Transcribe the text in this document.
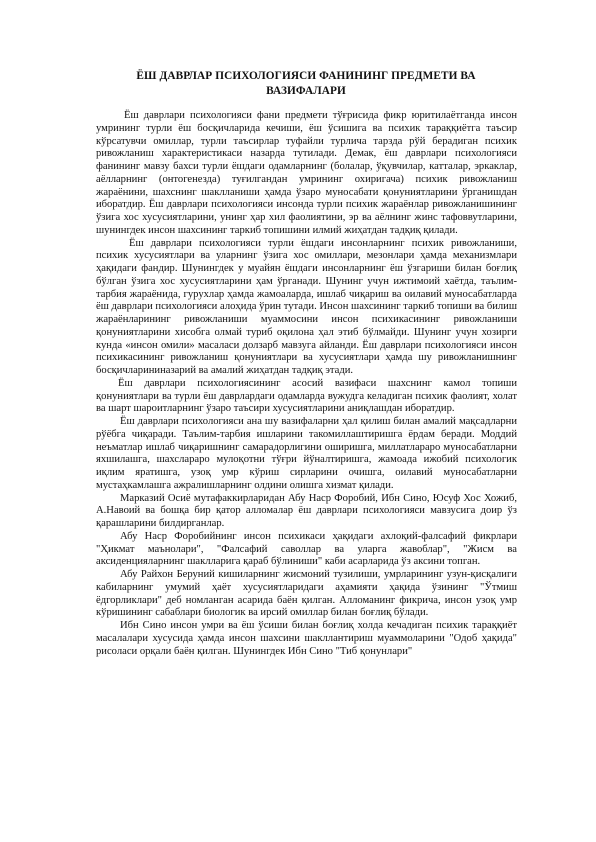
ЁШ ДАВРЛАР ПСИХОЛОГИЯСИ ФАНИНИНГ ПРЕДМЕТИ ВА ВАЗИФАЛАРИ

Ёш даврлари психологияси фани предмети тўғрисида фикр юритилаётганда инсон умрининг турли ёш босқичларида кечиши, ёш ўсишига ва психик тараққиётга таъсир кўрсатувчи омиллар, турли таъсирлар туфайли турлича тарзда рўй берадиган психик ривожланиш характеристикаси назарда тутилади. Демак, ёш даврлари психологияси фанининг мавзу бахси турли ёшдаги одамларнинг (болалар, ўқувчилар, катталар, эркаклар, аёлларнинг (онтогенезда) туғилгандан умрининг охиригача) психик ривожланиш жараёнини, шахснинг шаклланиши ҳамда ўзаро муносабати қонуниятларини ўрганишдан иборатдир. Ёш даврлари психологияси инсонда турли психик жараёнлар ривожланишининг ўзига хос хусусиятларини, унинг ҳар хил фаолиятини, эр ва аёлнинг жинс тафоввутларини, шунингдек инсон шахсининг таркиб топишини илмий жиҳатдан тадқиқ қилади.

Ёш даврлари психологияси турли ёшдаги инсонларнинг психик ривожланиши, психик хусусиятлари ва уларнинг ўзига хос омиллари, мезонлари ҳамда механизмлари ҳақидаги фандир. Шунингдек у муайян ёшдаги инсонларнинг ёш ўзгариши билан боғлиқ бўлган ўзига хос хусусиятларини ҳам ўрганади. Шунинг учун ижтимоий хаётда, таълим-тарбия жараёнида, гурухлар ҳамда жамоаларда, ишлаб чиқариш ва оилавий муносабатларда ёш даврлари психологияси алоҳида ўрин тутади. Инсон шахсининг таркиб топиши ва билиш жараёнларининг ривожланиши муаммосини инсон психикасининг ривожланиши қонуниятларини хисобга олмай туриб оқилона ҳал этиб бўлмайди. Шунинг учун хозирги кунда «инсон омили» масаласи долзарб мавзуга айланди. Ёш даврлари психологияси инсон психикасининг ривожланиш қонуниятлари ва хусусиятлари ҳамда шу ривожланишнинг босқичларининазарий ва амалий жиҳатдан тадқиқ этади.

Ёш даврлари психологиясининг асосий вазифаси шахснинг камол топиши қонуниятлари ва турли ёш даврлардаги одамларда вужудга келадиган психик фаолият, холат ва шарт шароитларнинг ўзаро таъсири хусусиятларини аниқлашдан иборатдир.

Ёш даврлари психологияси ана шу вазифаларни ҳал қилиш билан амалий мақсадларни рўёбга чиқаради. Таълим-тарбия ишларини такомиллаштиришга ёрдам беради. Моддий неъматлар ишлаб чиқаришнинг самарадорлигини оширишга, миллатлараро муносабатларни яхшилашга, шахслараро мулоқотни тўғри йўналтиришга, жамоада ижобий психологик иқлим яратишга, узоқ умр кўриш сирларини очишга, оилавий муносабатларни мустаҳкамлашга ажралишларнинг олдини олишга хизмат қилади.

Марказий Осиё мутафаккирларидан Абу Наср Форобий, Ибн Сино, Юсуф Хос Хожиб, А.Навоий ва бошқа бир қатор алломалар ёш даврлари психологияси мавзусига доир ўз қарашларини билдирганлар.

Абу Наср Форобийнинг инсон психикаси ҳақидаги ахлоқий-фалсафий фикрлари "Ҳикмат маънолари", "Фалсафий саволлар ва уларга жавоблар", "Жисм ва аксиденцияларнинг шаклларига қараб бўлиниши" каби асарларида ўз аксини топган.

Абу Райхон Беруний кишиларнинг жисмоний тузилиши, умрларининг узун-қисқалиги кабиларнинг умумий ҳаёт хусусиятларидаги аҳамияти ҳақида ўзининг "Ўтмиш ёдгорликлари" деб номланган асарида баён қилган. Алломанинг фикрича, инсон узоқ умр кўришининг сабаблари биологик ва ирсий омиллар билан боғлиқ бўлади.

Ибн Сино инсон умри ва ёш ўсиши билан боғлиқ холда кечадиган психик тараққиёт масалалари хусусида ҳамда инсон шахсини шакллантириш муаммоларини "Одоб ҳақида" рисоласи орқали баён қилган. Шунингдек Ибн Сино "Тиб қонунлари"
